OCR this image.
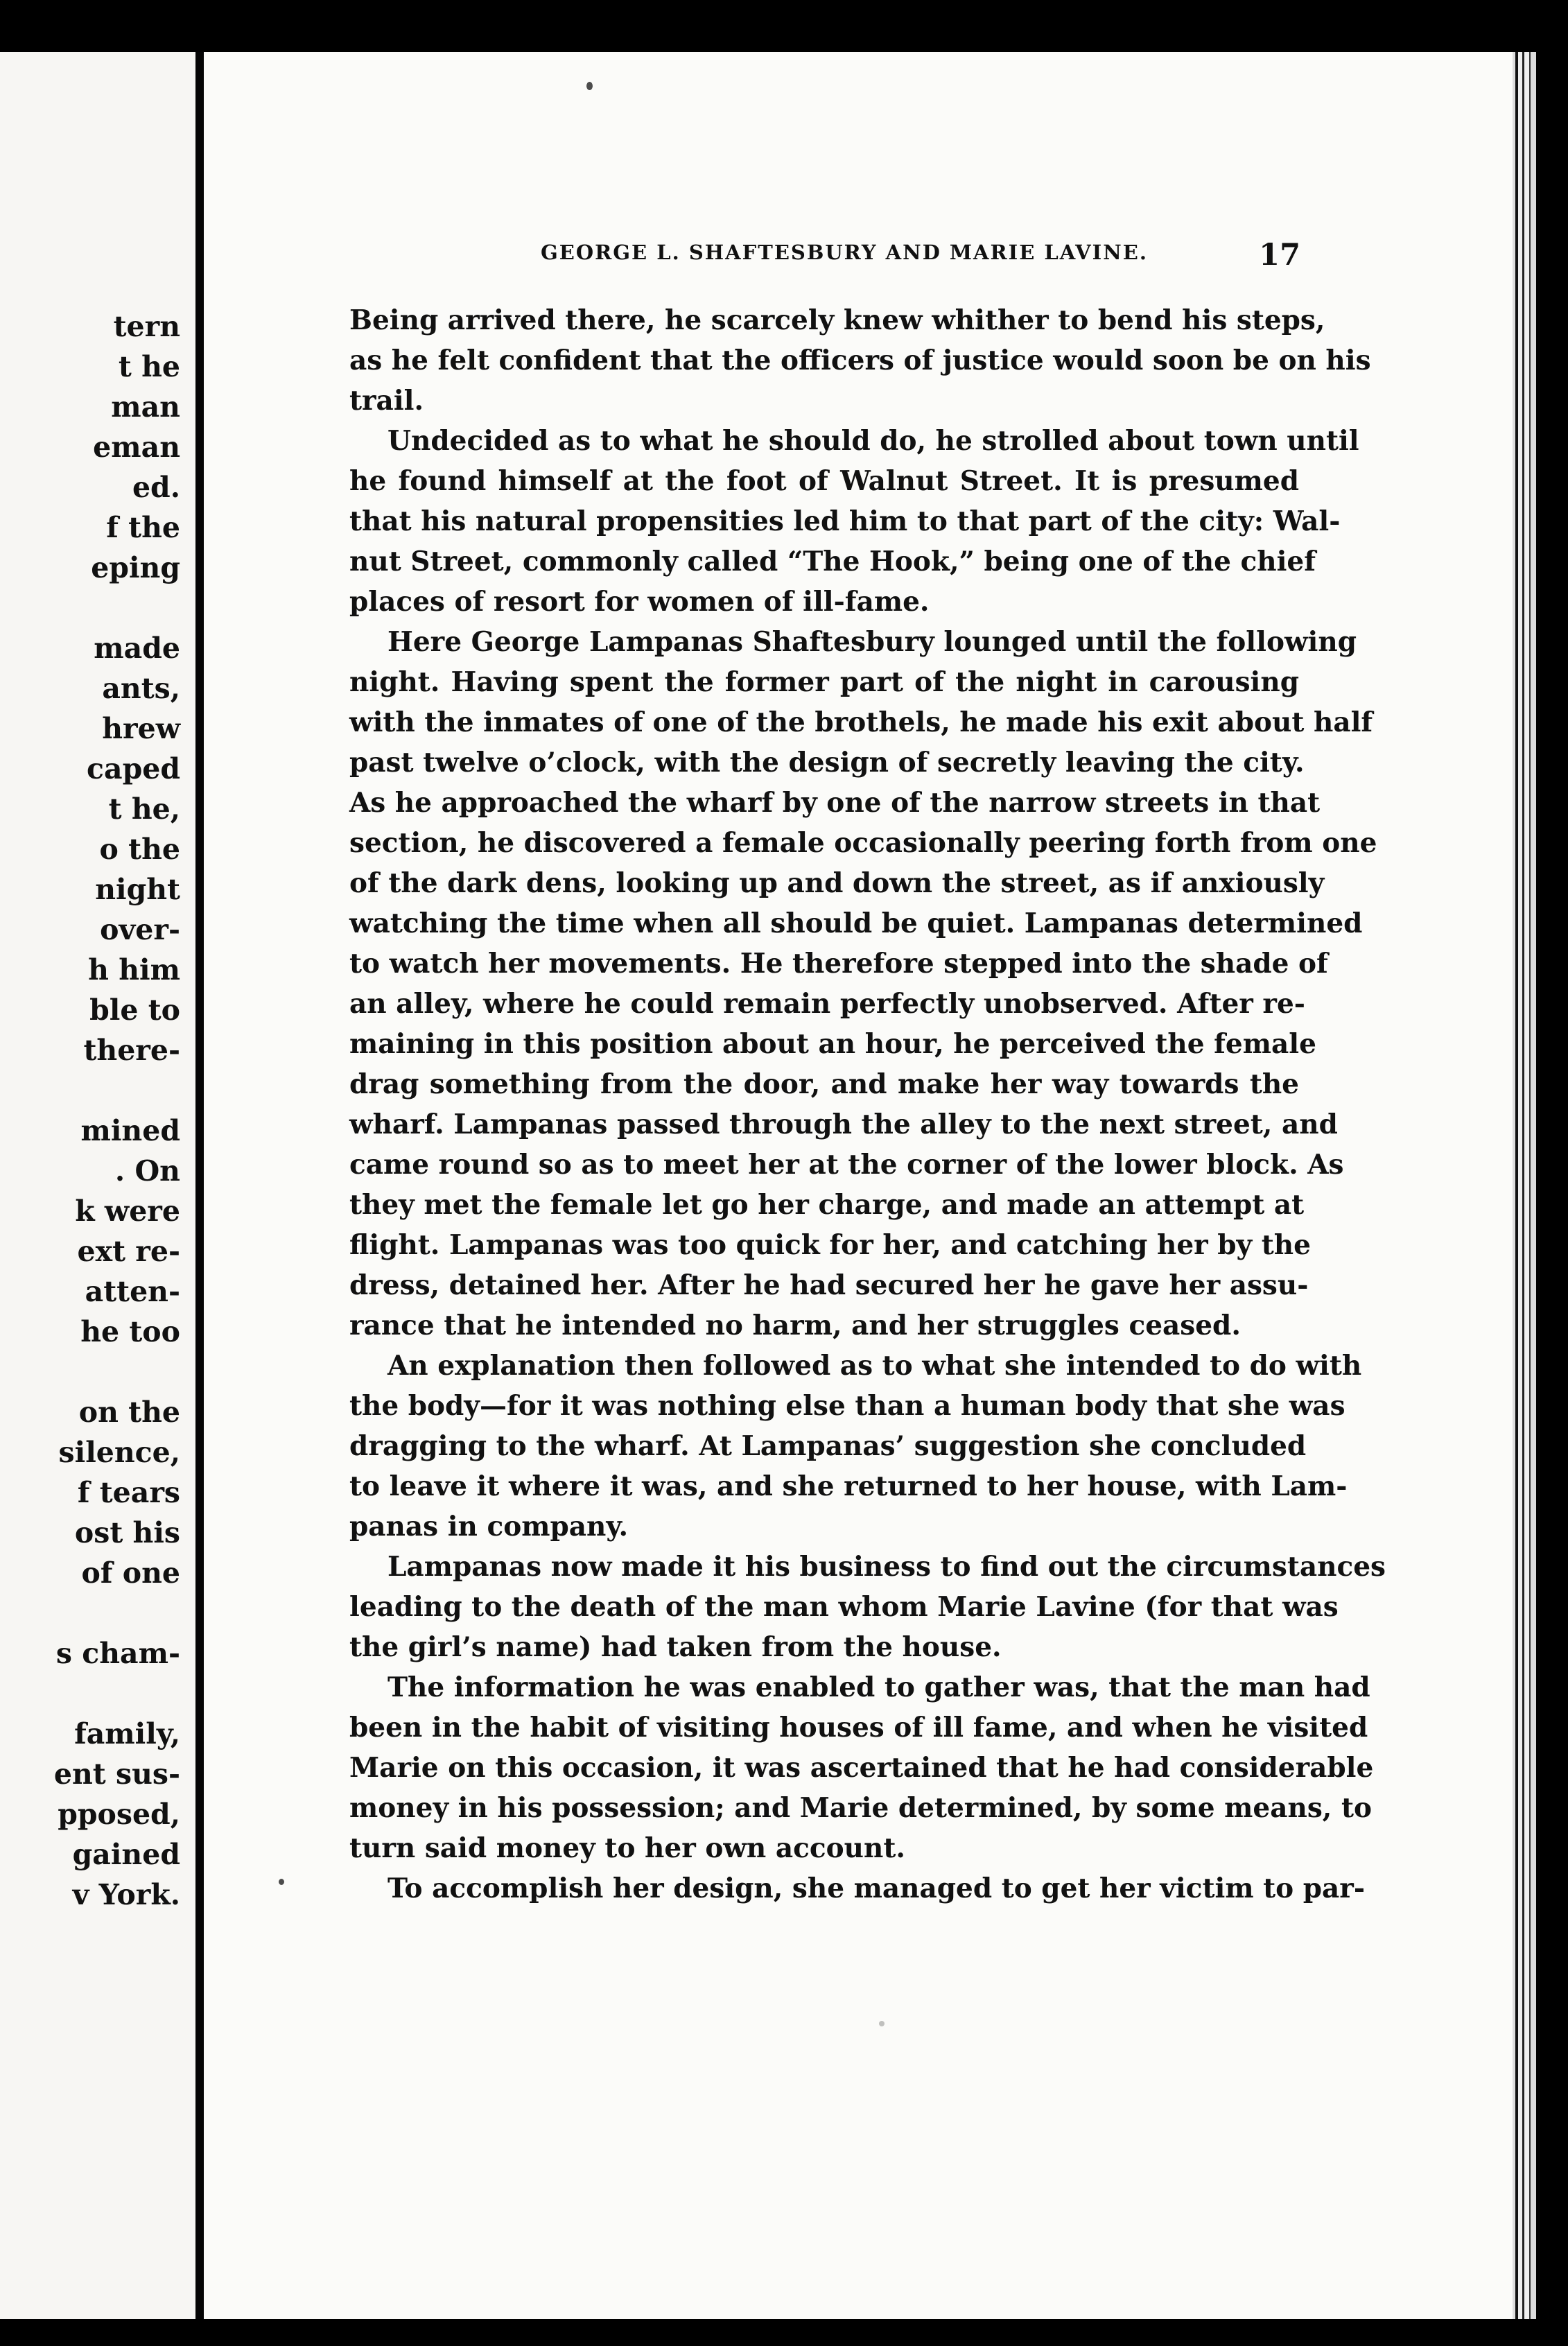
tern
t he
man
eman
ed.
f the
eping
made
ants,
hrew
caped
t he,
o the
night
over-
h him
ble to
there-
mined
. On
k were
ext re-
atten-
he too
on the
silence,
f tears
ost his
of one
s cham-
family,
ent sus-
pposed,
gained
v York.
GEORGE L. SHAFTESBURY AND MARIE LAVINE.	17
Being arrived there, he scarcely knew whither to bend his steps,
as he felt confident that the officers of justice would soon be on his
trail.
Undecided as to what he should do, he strolled about town until
he found himself at the foot of Walnut Street. It is presumed
that his natural propensities led him to that part of the city: Wal-
nut Street, commonly called “The Hook,” being one of the chief
places of resort for women of ill-fame.
Here George Lampanas Shaftesbury lounged until the following
night. Having spent the former part of the night in carousing
with the inmates of one of the brothels, he made his exit about half
past twelve o’clock, with the design of secretly leaving the city.
As he approached the wharf by one of the narrow streets in that
section, he discovered a female occasionally peering forth from one
of the dark dens, looking up and down the street, as if anxiously
watching the time when all should be quiet. Lampanas determined
to watch her movements. He therefore stepped into the shade of
an alley, where he could remain perfectly unobserved. After re-
maining in this position about an hour, he perceived the female
drag something from the door, and make her way towards the
wharf. Lampanas passed through the alley to the next street, and
came round so as to meet her at the corner of the lower block. As
they met the female let go her charge, and made an attempt at
flight. Lampanas was too quick for her, and catching her by the
dress, detained her. After he had secured her he gave her assu-
rance that he intended no harm, and her struggles ceased.
An explanation then followed as to what she intended to do with
the body—for it was nothing else than a human body that she was
dragging to the wharf. At Lampanas’ suggestion she concluded
to leave it where it was, and she returned to her house, with Lam-
panas in company.
Lampanas now made it his business to find out the circumstances
leading to the death of the man whom Marie Lavine (for that was
the girl’s name) had taken from the house.
The information he was enabled to gather was, that the man had
been in the habit of visiting houses of ill fame, and when he visited
Marie on this occasion, it was ascertained that he had considerable
money in his possession; and Marie determined, by some means, to
turn said money to her own account.
To accomplish her design, she managed to get her victim to par-
